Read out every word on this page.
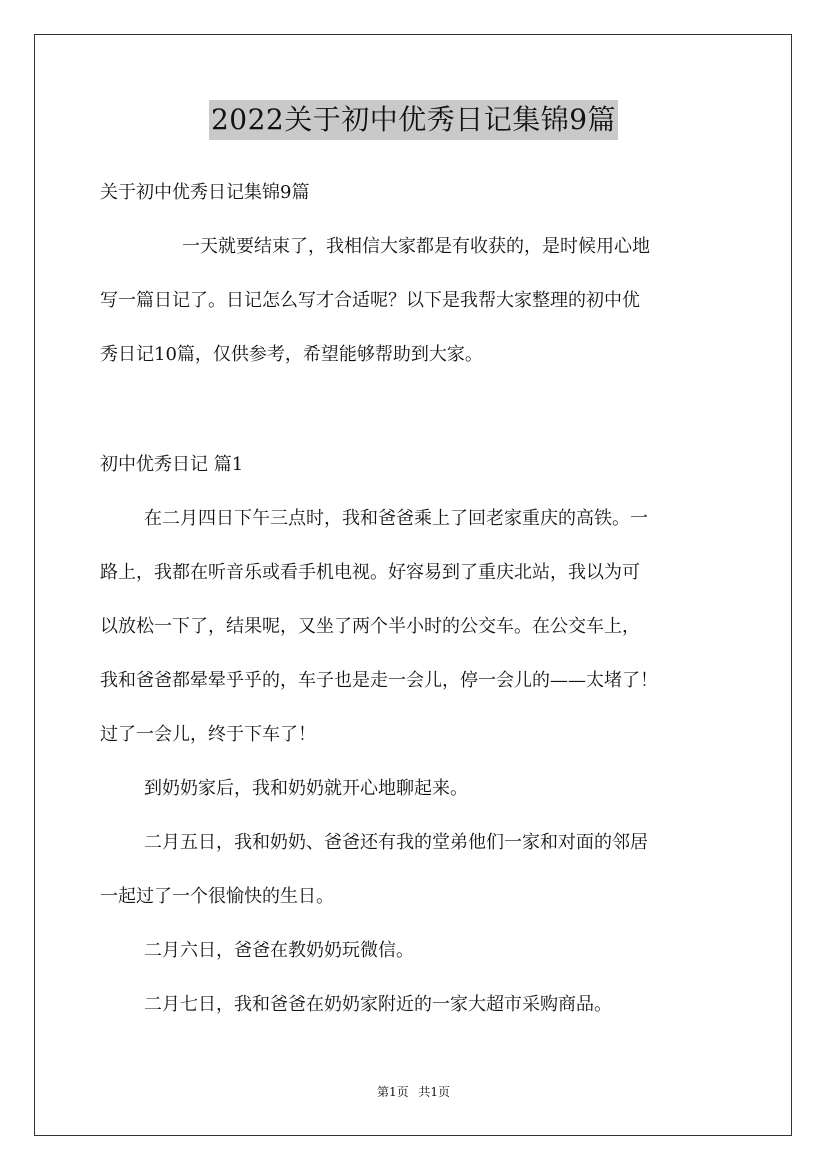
2022关于初中优秀日记集锦9篇
关于初中优秀日记集锦9篇
一天就要结束了，我相信大家都是有收获的，是时候用心地
写一篇日记了。日记怎么写才合适呢？以下是我帮大家整理的初中优
秀日记10篇，仅供参考，希望能够帮助到大家。
初中优秀日记 篇1
在二月四日下午三点时，我和爸爸乘上了回老家重庆的高铁。一
路上，我都在听音乐或看手机电视。好容易到了重庆北站，我以为可
以放松一下了，结果呢，又坐了两个半小时的公交车。在公交车上，
我和爸爸都晕晕乎乎的，车子也是走一会儿，停一会儿的——太堵了！
过了一会儿，终于下车了！
到奶奶家后，我和奶奶就开心地聊起来。
二月五日，我和奶奶、爸爸还有我的堂弟他们一家和对面的邻居
一起过了一个很愉快的生日。
二月六日，爸爸在教奶奶玩微信。
二月七日，我和爸爸在奶奶家附近的一家大超市采购商品。
第1页 共1页
